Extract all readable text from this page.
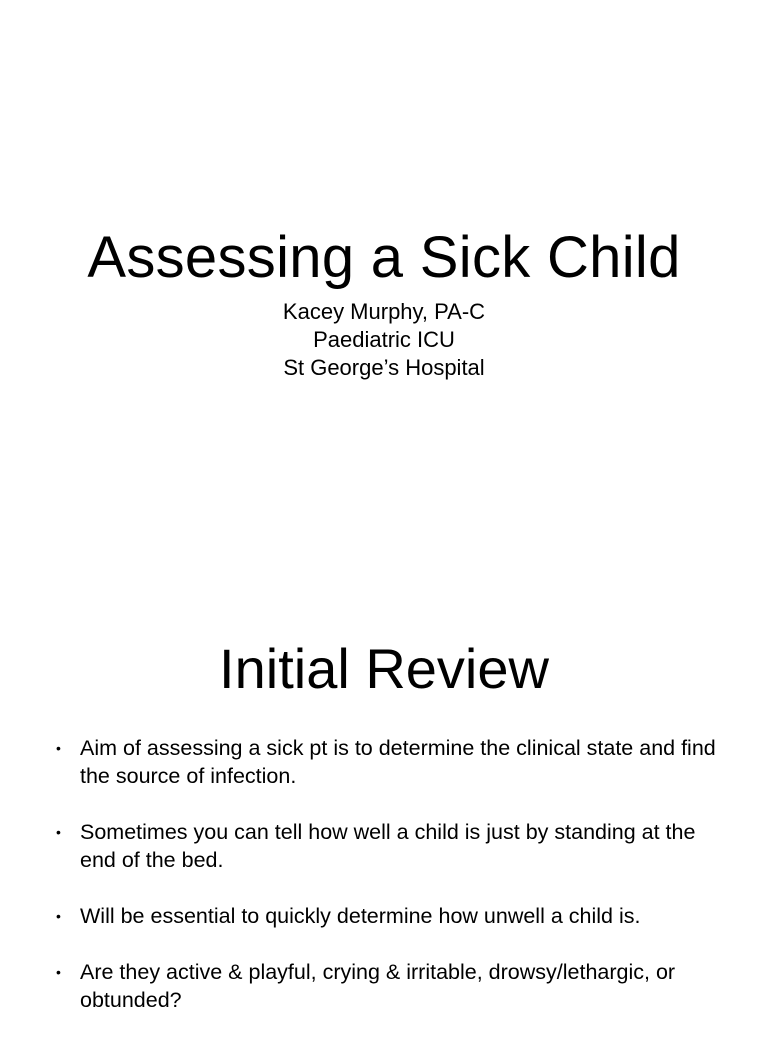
Assessing a Sick Child
Kacey Murphy, PA-C
Paediatric ICU
St George’s Hospital
Initial Review
• Aim of assessing a sick pt is to determine the clinical state and find the source of infection.
• Sometimes you can tell how well a child is just by standing at the end of the bed.
• Will be essential to quickly determine how unwell a child is.
• Are they active & playful, crying & irritable, drowsy/lethargic, or obtunded?
